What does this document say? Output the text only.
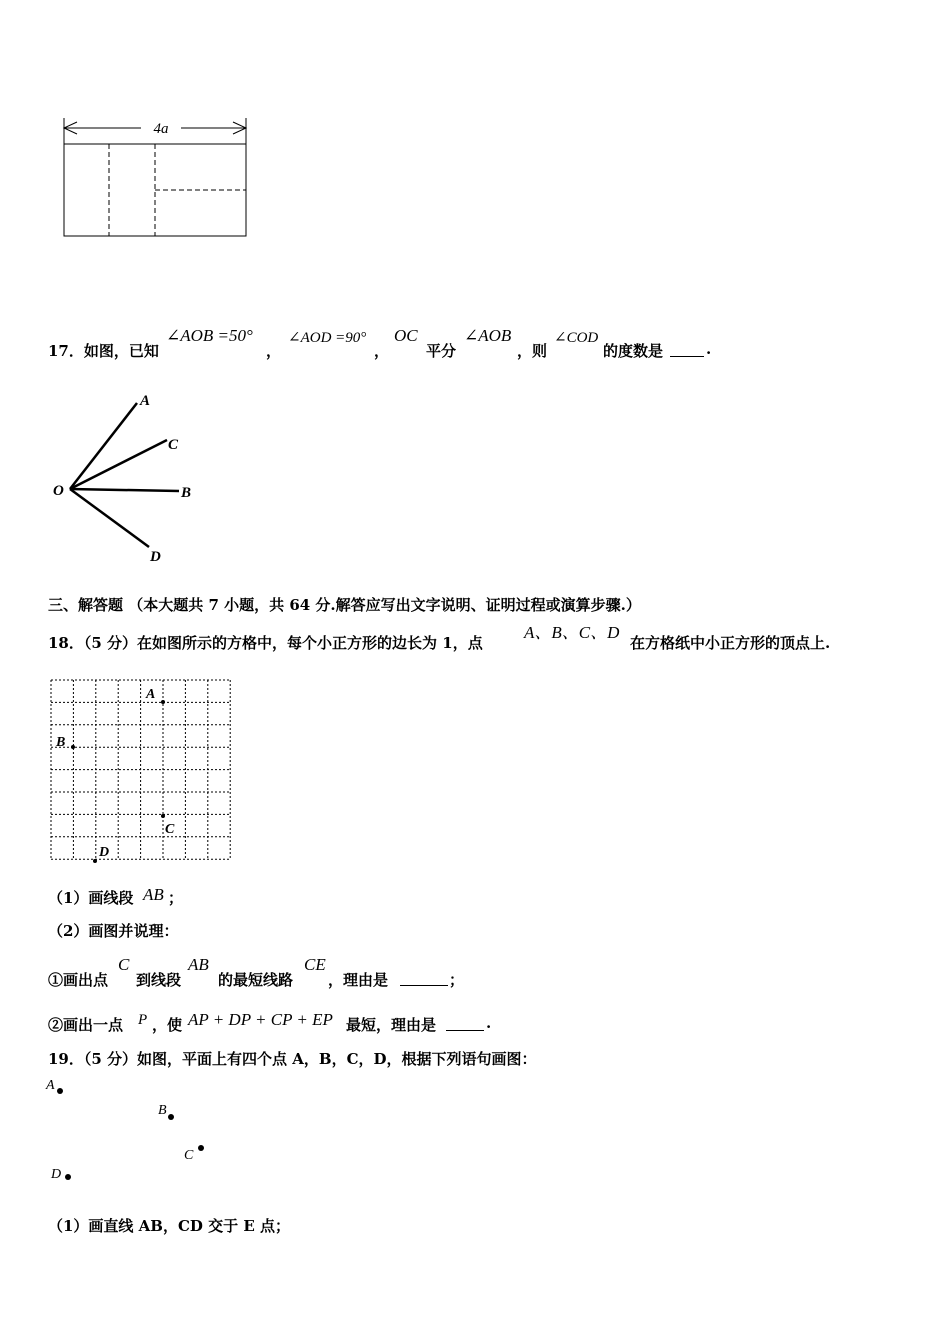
4a
17．如图，已知
∠AOB =50°
，
∠AOD =90°
，
OC
平分
∠AOB
，则
∠COD
的度数是	.
A
C
O	B
D
三、解答题 （本大题共 7 小题，共 64 分.解答应写出文字说明、证明过程或演算步骤.）
18．（5 分）在如图所示的方格中，每个小正方形的边长为 1，点
A、B、C、D
在方格纸中小正方形的顶点上.
A
B
C
D
（1）画线段 AB ；
（2）画图并说理：
①画出点
C
到线段
AB
的最短线路
CE
，理由是	；
②画出一点 P ，使 AP + DP + CP + EP 最短，理由是	.
19．（5 分）如图，平面上有四个点 A，B，C，D，根据下列语句画图：
A
B
C
D
（1）画直线 AB，CD 交于 E 点；
